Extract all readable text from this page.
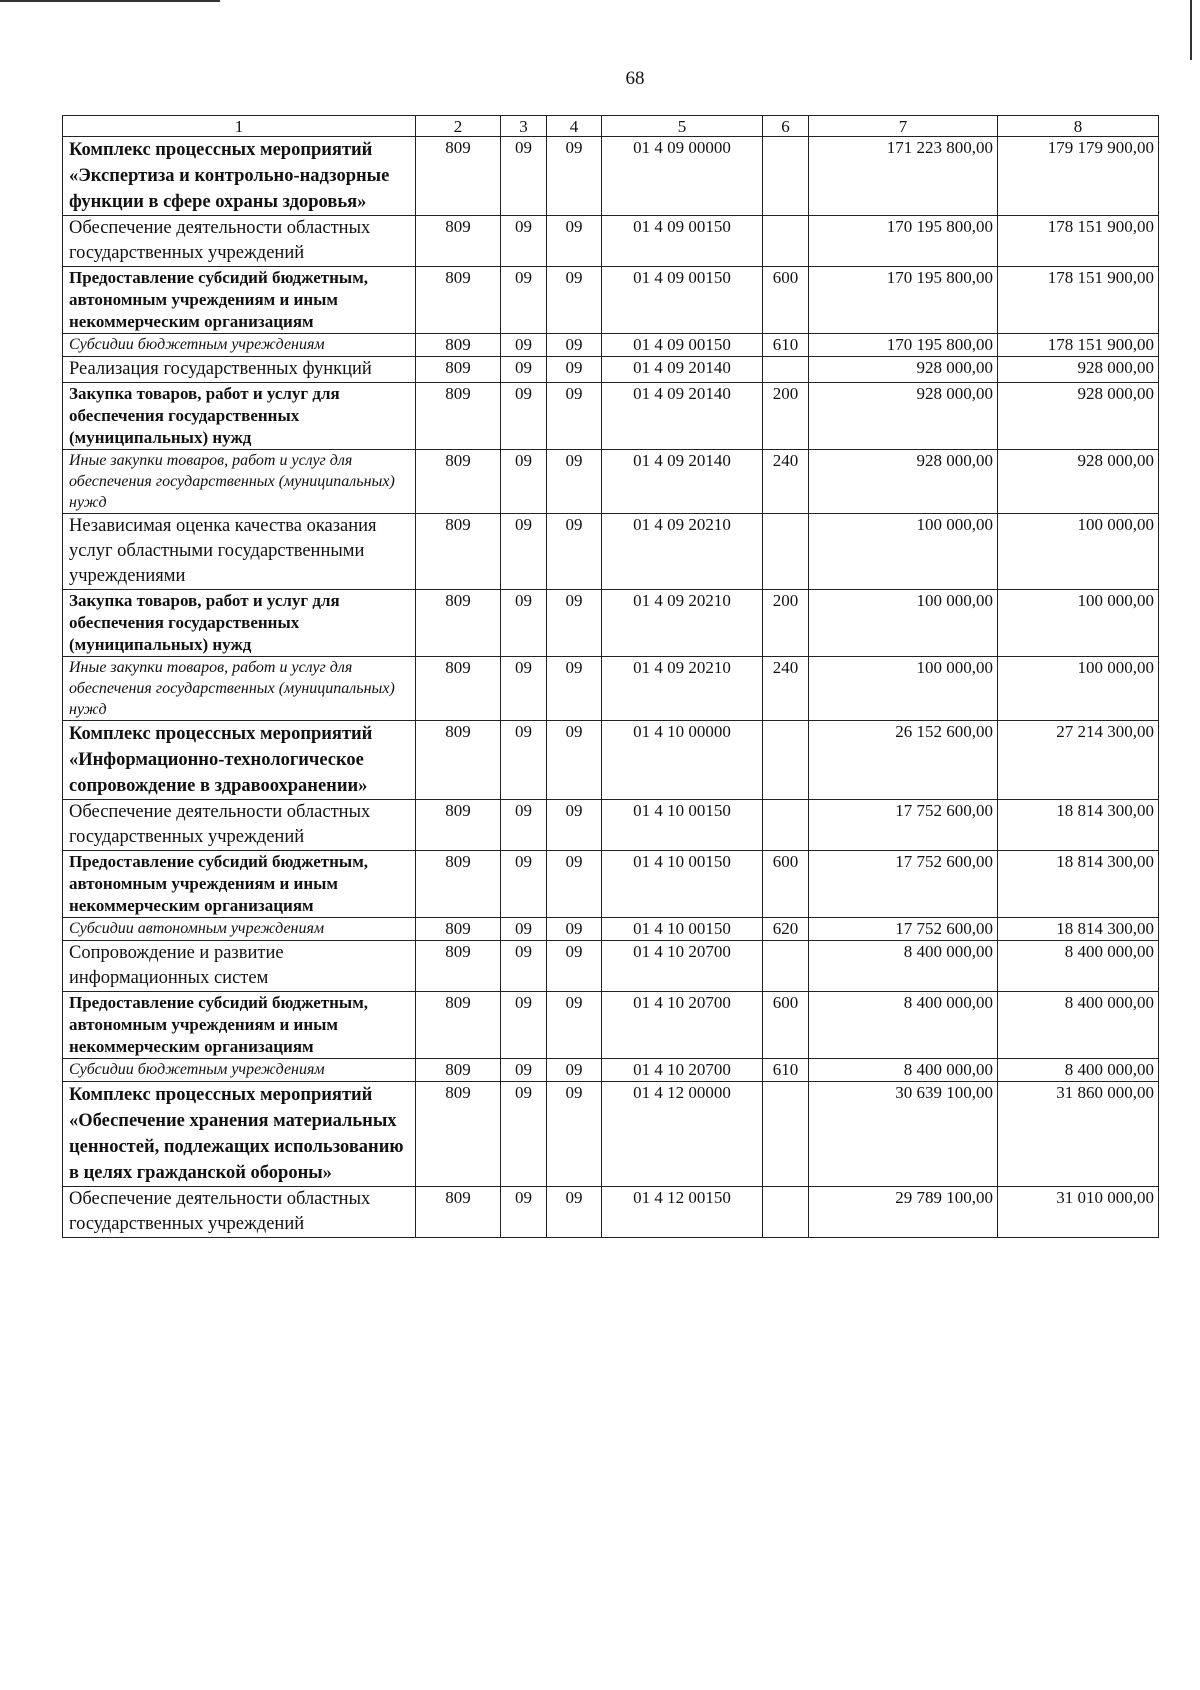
68
1	2	3	4	5	6	7	8
Комплекс процессных мероприятий «Экспертиза и контрольно-надзорные функции в сфере охраны здоровья»	809	09	09	01 4 09 00000		171 223 800,00	179 179 900,00
Обеспечение деятельности областных государственных учреждений	809	09	09	01 4 09 00150		170 195 800,00	178 151 900,00
Предоставление субсидий бюджетным, автономным учреждениям и иным некоммерческим организациям	809	09	09	01 4 09 00150	600	170 195 800,00	178 151 900,00
Субсидии бюджетным учреждениям	809	09	09	01 4 09 00150	610	170 195 800,00	178 151 900,00
Реализация государственных функций	809	09	09	01 4 09 20140		928 000,00	928 000,00
Закупка товаров, работ и услуг для обеспечения государственных (муниципальных) нужд	809	09	09	01 4 09 20140	200	928 000,00	928 000,00
Иные закупки товаров, работ и услуг для обеспечения государственных (муниципальных) нужд	809	09	09	01 4 09 20140	240	928 000,00	928 000,00
Независимая оценка качества оказания услуг областными государственными учреждениями	809	09	09	01 4 09 20210		100 000,00	100 000,00
Закупка товаров, работ и услуг для обеспечения государственных (муниципальных) нужд	809	09	09	01 4 09 20210	200	100 000,00	100 000,00
Иные закупки товаров, работ и услуг для обеспечения государственных (муниципальных) нужд	809	09	09	01 4 09 20210	240	100 000,00	100 000,00
Комплекс процессных мероприятий «Информационно-технологическое сопровождение в здравоохранении»	809	09	09	01 4 10 00000		26 152 600,00	27 214 300,00
Обеспечение деятельности областных государственных учреждений	809	09	09	01 4 10 00150		17 752 600,00	18 814 300,00
Предоставление субсидий бюджетным, автономным учреждениям и иным некоммерческим организациям	809	09	09	01 4 10 00150	600	17 752 600,00	18 814 300,00
Субсидии автономным учреждениям	809	09	09	01 4 10 00150	620	17 752 600,00	18 814 300,00
Сопровождение и развитие информационных систем	809	09	09	01 4 10 20700		8 400 000,00	8 400 000,00
Предоставление субсидий бюджетным, автономным учреждениям и иным некоммерческим организациям	809	09	09	01 4 10 20700	600	8 400 000,00	8 400 000,00
Субсидии бюджетным учреждениям	809	09	09	01 4 10 20700	610	8 400 000,00	8 400 000,00
Комплекс процессных мероприятий «Обеспечение хранения материальных ценностей, подлежащих использованию в целях гражданской обороны»	809	09	09	01 4 12 00000		30 639 100,00	31 860 000,00
Обеспечение деятельности областных государственных учреждений	809	09	09	01 4 12 00150		29 789 100,00	31 010 000,00
